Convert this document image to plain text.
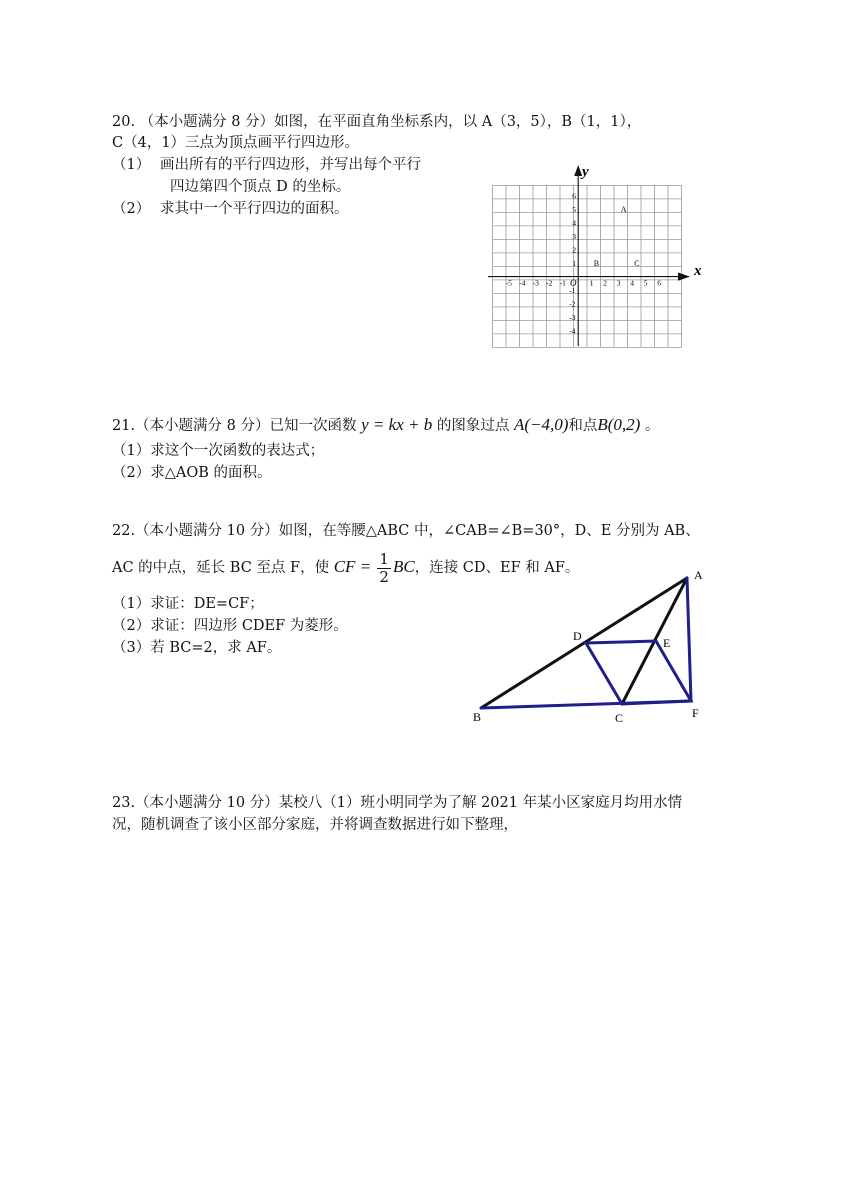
20. （本小题满分 8 分）如图，在平面直角坐标系内，以 A（3，5），B（1，1），
C（4，1）三点为顶点画平行四边形。
（1） 画出所有的平行四边形，并写出每个平行
四边第四个顶点 D 的坐标。
（2） 求其中一个平行四边的面积。
x
y
O
-5 -4 -3 -2 -1	1 2 3 4 5 6
6
5
4
3
2
1
-1
-2
-3
-4
A
B	C
21.（本小题满分 8 分）已知一次函数 y = kx + b 的图象过点 A(−4,0)和点B(0,2) 。
（1）求这个一次函数的表达式；
（2）求△AOB 的面积。
22.（本小题满分 10 分）如图，在等腰△ABC 中，∠CAB=∠B=30°，D、E 分别为 AB、
AC 的中点，延长 BC 至点 F，使 CF = $\frac{1}{2}$ BC，连接 CD、EF 和 AF。
（1）求证：DE=CF；
（2）求证：四边形 CDEF 为菱形。
（3）若 BC=2，求 AF。
A
B	C
D	E
F
23.（本小题满分 10 分）某校八（1）班小明同学为了解 2021 年某小区家庭月均用水情
况，随机调查了该小区部分家庭，并将调查数据进行如下整理，
